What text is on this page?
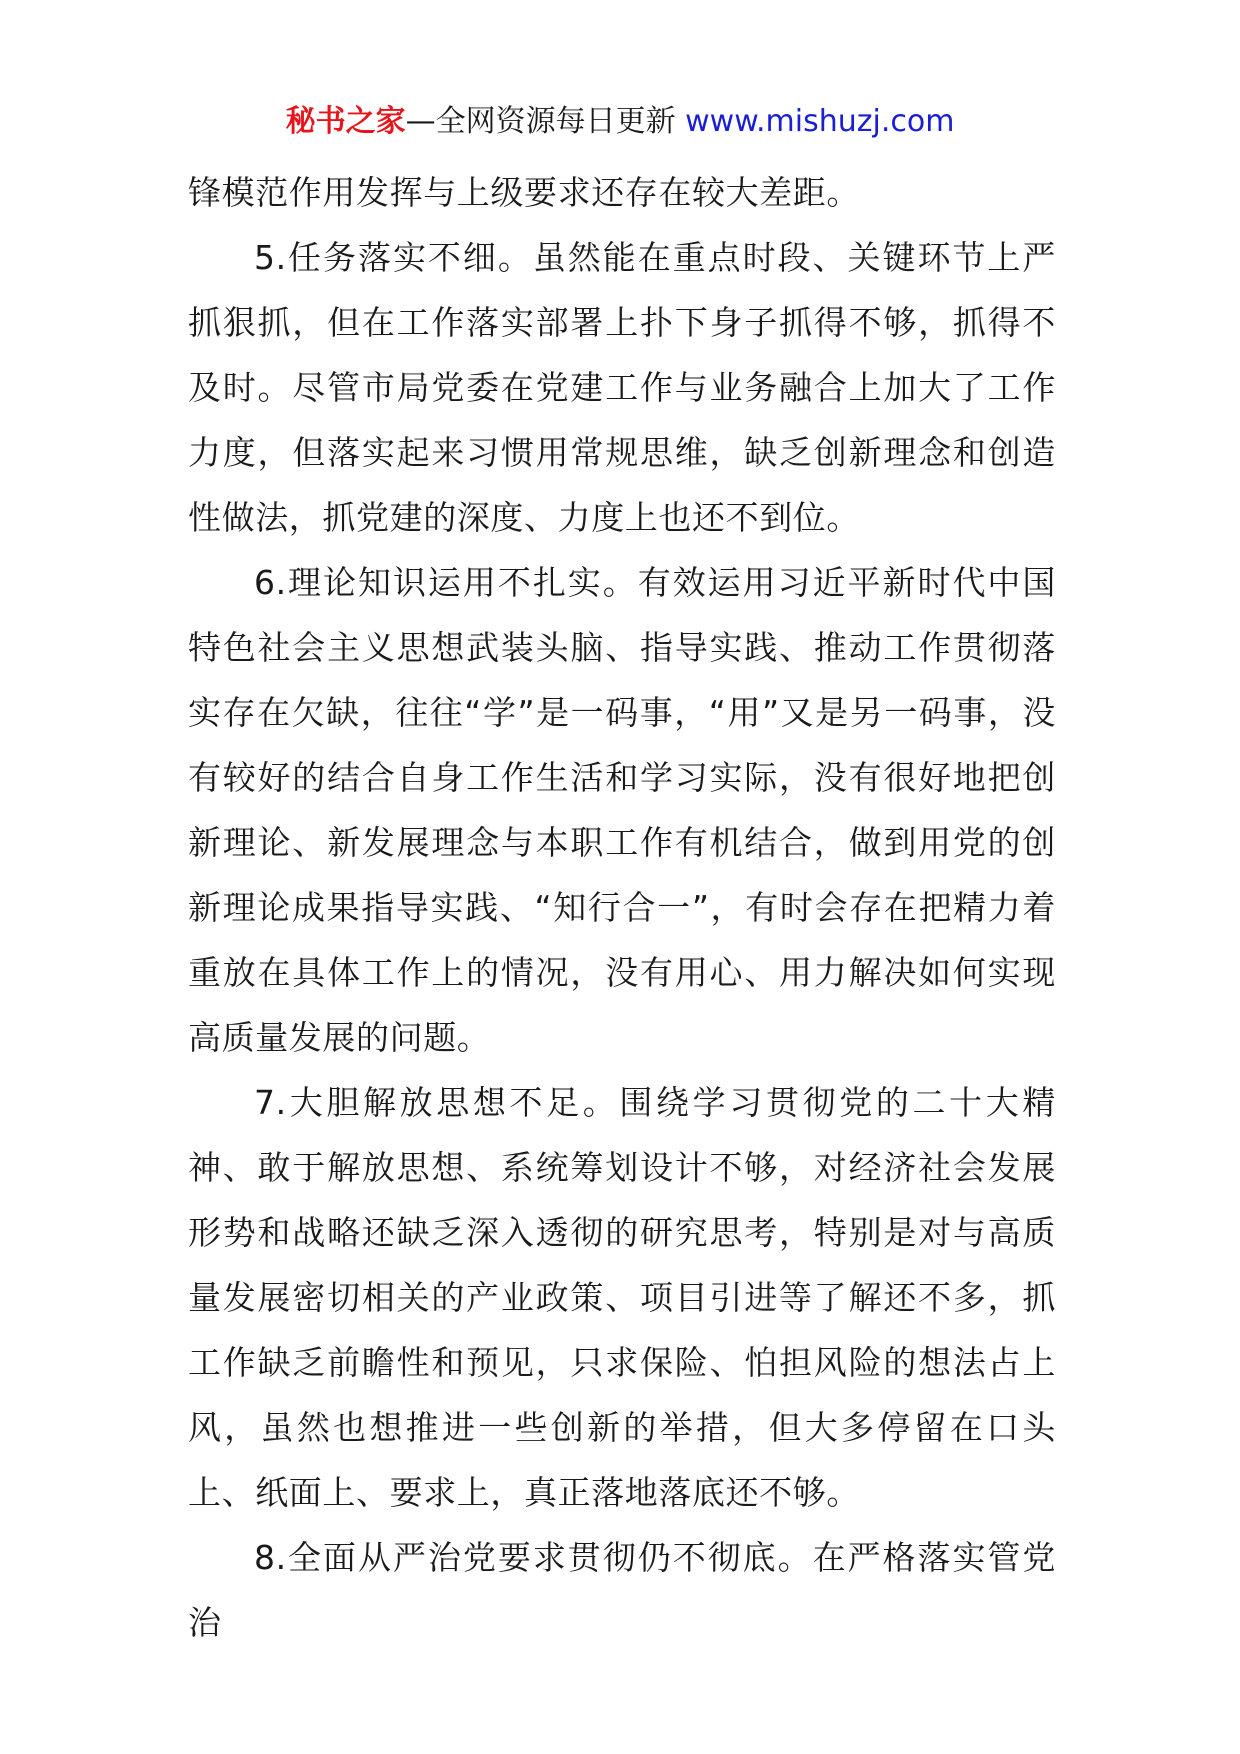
秘书之家—全网资源每日更新 www.mishuzj.com

锋模范作用发挥与上级要求还存在较大差距。

5.任务落实不细。虽然能在重点时段、关键环节上严抓狠抓，但在工作落实部署上扑下身子抓得不够，抓得不及时。尽管市局党委在党建工作与业务融合上加大了工作力度，但落实起来习惯用常规思维，缺乏创新理念和创造性做法，抓党建的深度、力度上也还不到位。

6.理论知识运用不扎实。有效运用习近平新时代中国特色社会主义思想武装头脑、指导实践、推动工作贯彻落实存在欠缺，往往“学”是一码事，“用”又是另一码事，没有较好的结合自身工作生活和学习实际，没有很好地把创新理论、新发展理念与本职工作有机结合，做到用党的创新理论成果指导实践、“知行合一”，有时会存在把精力着重放在具体工作上的情况，没有用心、用力解决如何实现高质量发展的问题。

7.大胆解放思想不足。围绕学习贯彻党的二十大精神、敢于解放思想、系统筹划设计不够，对经济社会发展形势和战略还缺乏深入透彻的研究思考，特别是对与高质量发展密切相关的产业政策、项目引进等了解还不多，抓工作缺乏前瞻性和预见，只求保险、怕担风险的想法占上风，虽然也想推进一些创新的举措，但大多停留在口头上、纸面上、要求上，真正落地落底还不够。

8.全面从严治党要求贯彻仍不彻底。在严格落实管党治
